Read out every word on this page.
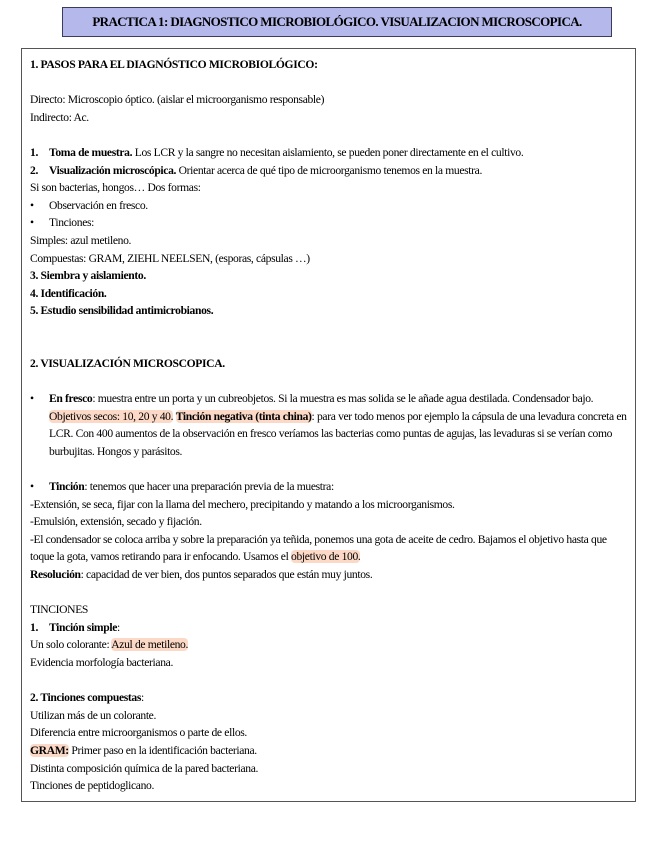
PRACTICA 1: DIAGNOSTICO MICROBIOLÓGICO. VISUALIZACION MICROSCOPICA.

1. PASOS PARA EL DIAGNÓSTICO MICROBIOLÓGICO:

Directo: Microscopio óptico. (aislar el microorganismo responsable)

Indirecto: Ac.

1. Toma de muestra. Los LCR y la sangre no necesitan aislamiento, se pueden poner directamente en el cultivo.

2. Visualización microscópica. Orientar acerca de qué tipo de microorganismo tenemos en la muestra.

Si son bacterias, hongos… Dos formas:

• Observación en fresco.

• Tinciones:

Simples: azul metileno.

Compuestas: GRAM, ZIEHL NEELSEN, (esporas, cápsulas …)

3. Siembra y aislamiento.

4. Identificación.

5. Estudio sensibilidad antimicrobianos.

2. VISUALIZACIÓN MICROSCOPICA.

•	En fresco: muestra entre un porta y un cubreobjetos. Si la muestra es mas solida se le añade agua destilada. Condensador bajo. Objetivos secos: 10, 20 y 40. Tinción negativa (tinta china): para ver todo menos por ejemplo la cápsula de una levadura concreta en LCR. Con 400 aumentos de la observación en fresco veríamos las bacterias como puntas de agujas, las levaduras si se verían como burbujitas. Hongos y parásitos.

• Tinción: tenemos que hacer una preparación previa de la muestra:

-Extensión, se seca, fijar con la llama del mechero, precipitando y matando a los microorganismos.

-Emulsión, extensión, secado y fijación.

-El condensador se coloca arriba y sobre la preparación ya teñida, ponemos una gota de aceite de cedro. Bajamos el objetivo hasta que toque la gota, vamos retirando para ir enfocando. Usamos el objetivo de 100.

Resolución: capacidad de ver bien, dos puntos separados que están muy juntos.

TINCIONES

1. Tinción simple:

Un solo colorante: Azul de metileno.

Evidencia morfología bacteriana.

2. Tinciones compuestas:

Utilizan más de un colorante.

Diferencia entre microorganismos o parte de ellos.

GRAM: Primer paso en la identificación bacteriana.

Distinta composición química de la pared bacteriana.

Tinciones de peptidoglicano.
